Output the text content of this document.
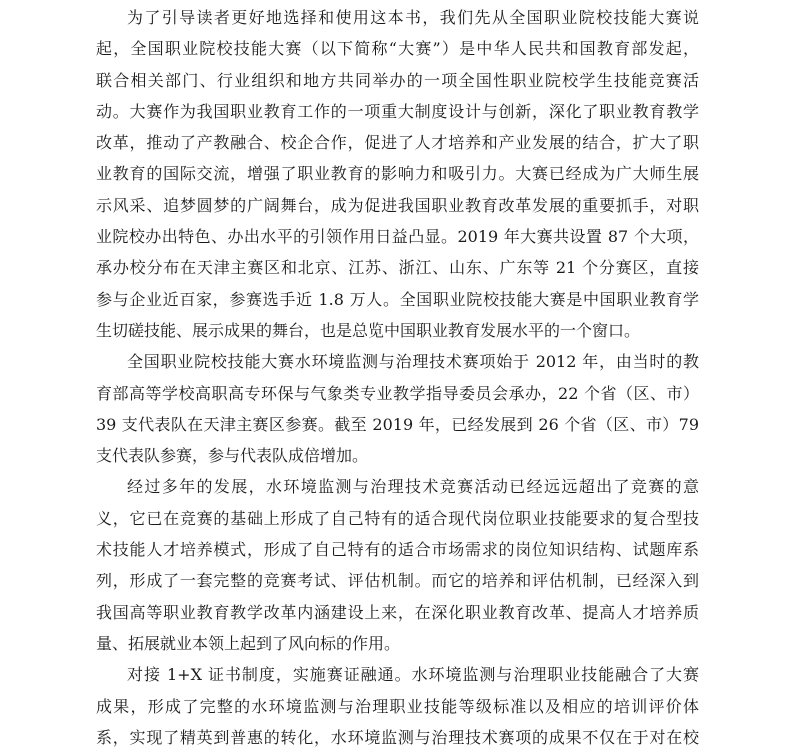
为了引导读者更好地选择和使用这本书，我们先从全国职业院校技能大赛说
起，全国职业院校技能大赛（以下简称“大赛”）是中华人民共和国教育部发起，
联合相关部门、行业组织和地方共同举办的一项全国性职业院校学生技能竞赛活
动。大赛作为我国职业教育工作的一项重大制度设计与创新，深化了职业教育教学
改革，推动了产教融合、校企合作，促进了人才培养和产业发展的结合，扩大了职
业教育的国际交流，增强了职业教育的影响力和吸引力。大赛已经成为广大师生展
示风采、追梦圆梦的广阔舞台，成为促进我国职业教育改革发展的重要抓手，对职
业院校办出特色、办出水平的引领作用日益凸显。2019 年大赛共设置 87 个大项，
承办校分布在天津主赛区和北京、江苏、浙江、山东、广东等 21 个分赛区，直接
参与企业近百家，参赛选手近 1.8 万人。全国职业院校技能大赛是中国职业教育学
生切磋技能、展示成果的舞台，也是总览中国职业教育发展水平的一个窗口。
全国职业院校技能大赛水环境监测与治理技术赛项始于 2012 年，由当时的教
育部高等学校高职高专环保与气象类专业教学指导委员会承办，22 个省（区、市）
39 支代表队在天津主赛区参赛。截至 2019 年，已经发展到 26 个省（区、市）79
支代表队参赛，参与代表队成倍增加。
经过多年的发展，水环境监测与治理技术竞赛活动已经远远超出了竞赛的意
义，它已在竞赛的基础上形成了自己特有的适合现代岗位职业技能要求的复合型技
术技能人才培养模式，形成了自己特有的适合市场需求的岗位知识结构、试题库系
列，形成了一套完整的竞赛考试、评估机制。而它的培养和评估机制，已经深入到
我国高等职业教育教学改革内涵建设上来，在深化职业教育改革、提高人才培养质
量、拓展就业本领上起到了风向标的作用。
对接 1+X 证书制度，实施赛证融通。水环境监测与治理职业技能融合了大赛
成果，形成了完整的水环境监测与治理职业技能等级标准以及相应的培训评价体
系，实现了精英到普惠的转化，水环境监测与治理技术赛项的成果不仅在于对在校
